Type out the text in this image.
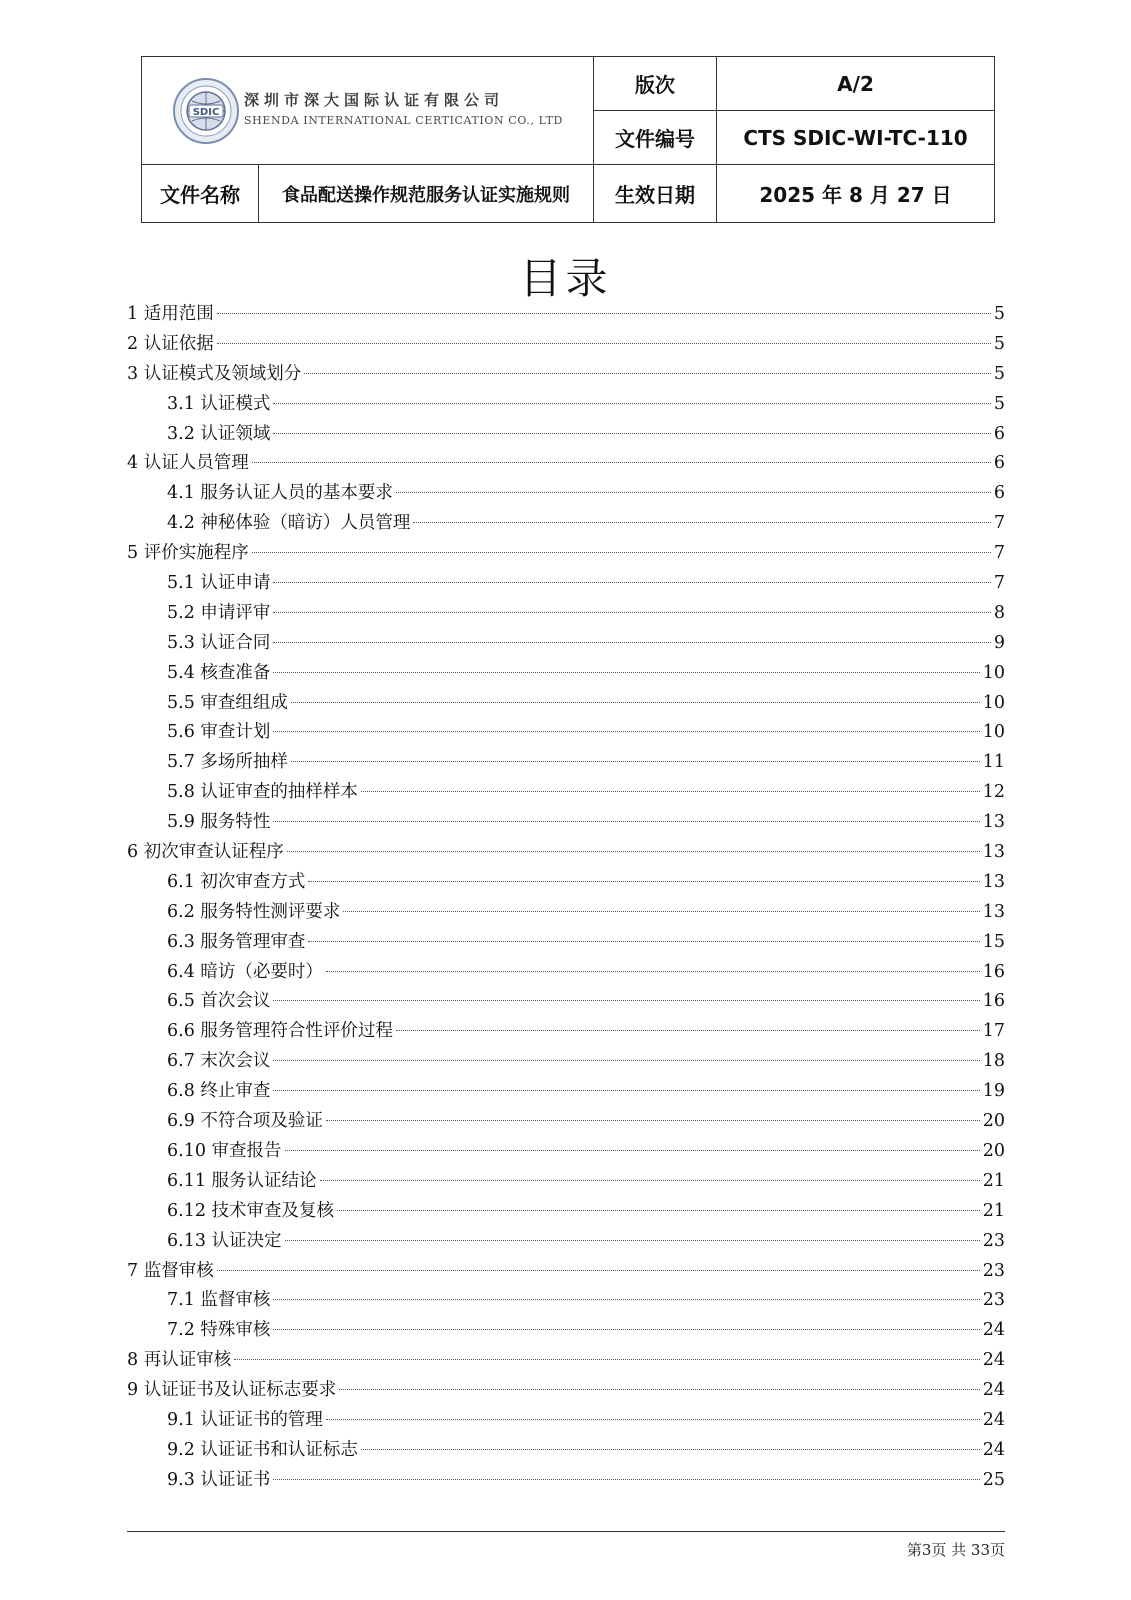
SDIC
深圳市深大国际认证有限公司
SHENDA INTERNATIONAL CERTICATION CO., LTD		版次	A/2
		文件编号	CTS SDIC-WI-TC-110
文件名称	食品配送操作规范服务认证实施规则	生效日期	2025 年 8 月 27 日
目录
1 适用范围	5
2 认证依据	5
3 认证模式及领域划分	5
3.1 认证模式	5
3.2 认证领域	6
4 认证人员管理	6
4.1 服务认证人员的基本要求	6
4.2 神秘体验（暗访）人员管理	7
5 评价实施程序	7
5.1 认证申请	7
5.2 申请评审	8
5.3 认证合同	9
5.4 核查准备	10
5.5 审查组组成	10
5.6 审查计划	10
5.7 多场所抽样	11
5.8 认证审查的抽样样本	12
5.9 服务特性	13
6 初次审查认证程序	13
6.1 初次审查方式	13
6.2 服务特性测评要求	13
6.3 服务管理审查	15
6.4 暗访（必要时）	16
6.5 首次会议	16
6.6 服务管理符合性评价过程	17
6.7 末次会议	18
6.8 终止审查	19
6.9 不符合项及验证	20
6.10 审查报告	20
6.11 服务认证结论	21
6.12 技术审查及复核	21
6.13 认证决定	23
7 监督审核	23
7.1 监督审核	23
7.2 特殊审核	24
8 再认证审核	24
9 认证证书及认证标志要求	24
9.1 认证证书的管理	24
9.2 认证证书和认证标志	24
9.3 认证证书	25
第3页 共 33页
